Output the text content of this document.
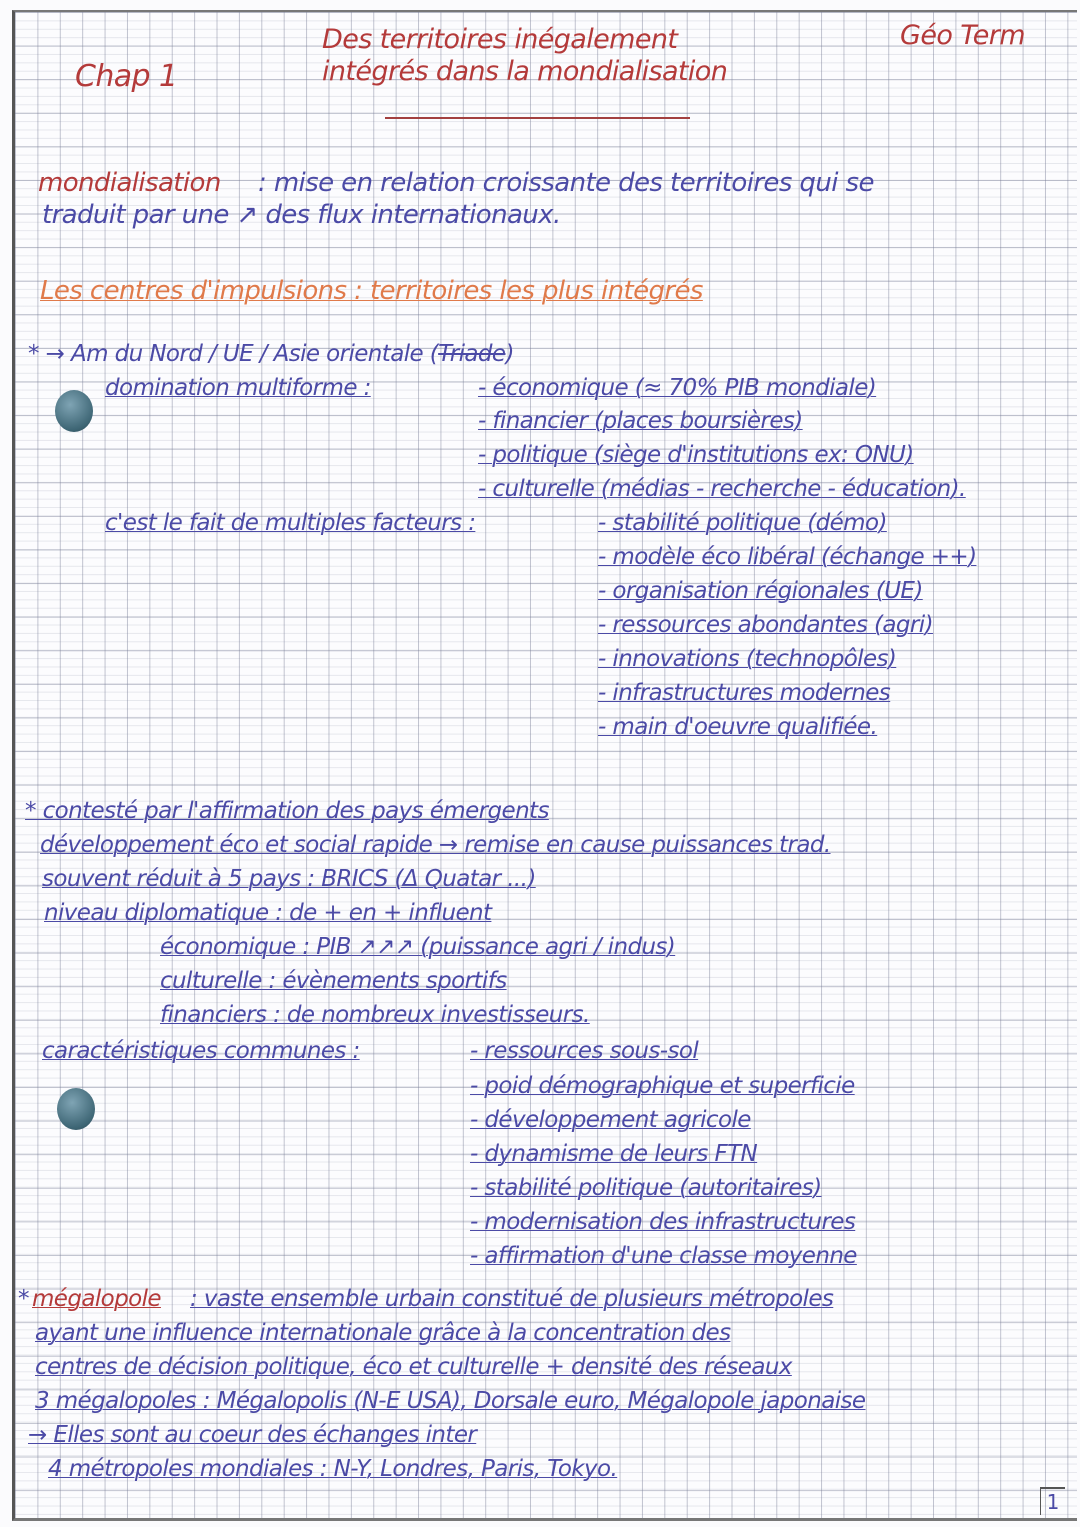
Chap 1
Des territoires inégalement
intégrés dans la mondialisation
Géo Term
mondialisation : mise en relation croissante des territoires qui se
traduit par une ↗ des flux internationaux.
Les centres d'impulsions : territoires les plus intégrés
* → Am du Nord / UE / Asie orientale (Triade)
domination multiforme :	- économique (≈ 70% PIB mondiale)
- financier (places boursières)
- politique (siège d'institutions ex: ONU)
- culturelle (médias - recherche - éducation).
c'est le fait de multiples facteurs :	- stabilité politique (démo)
- modèle éco libéral (échange ++)
- organisation régionales (UE)
- ressources abondantes (agri)
- innovations (technopôles)
- infrastructures modernes
- main d'oeuvre qualifiée.
* contesté par l'affirmation des pays émergents
développement éco et social rapide → remise en cause puissances trad.
souvent réduit à 5 pays : BRICS (Δ Quatar ...)
niveau diplomatique : de + en + influent
économique : PIB ↗↗↗ (puissance agri / indus)
culturelle : évènements sportifs
financiers : de nombreux investisseurs.
caractéristiques communes :	- ressources sous-sol
- poid démographique et superficie
- développement agricole
- dynamisme de leurs FTN
- stabilité politique (autoritaires)
- modernisation des infrastructures
- affirmation d'une classe moyenne
* mégalopole : vaste ensemble urbain constitué de plusieurs métropoles
ayant une influence internationale grâce à la concentration des
centres de décision politique, éco et culturelle + densité des réseaux
3 mégalopoles : Mégalopolis (N-E USA), Dorsale euro, Mégalopole japonaise
→ Elles sont au coeur des échanges inter
4 métropoles mondiales : N-Y, Londres, Paris, Tokyo.
1
